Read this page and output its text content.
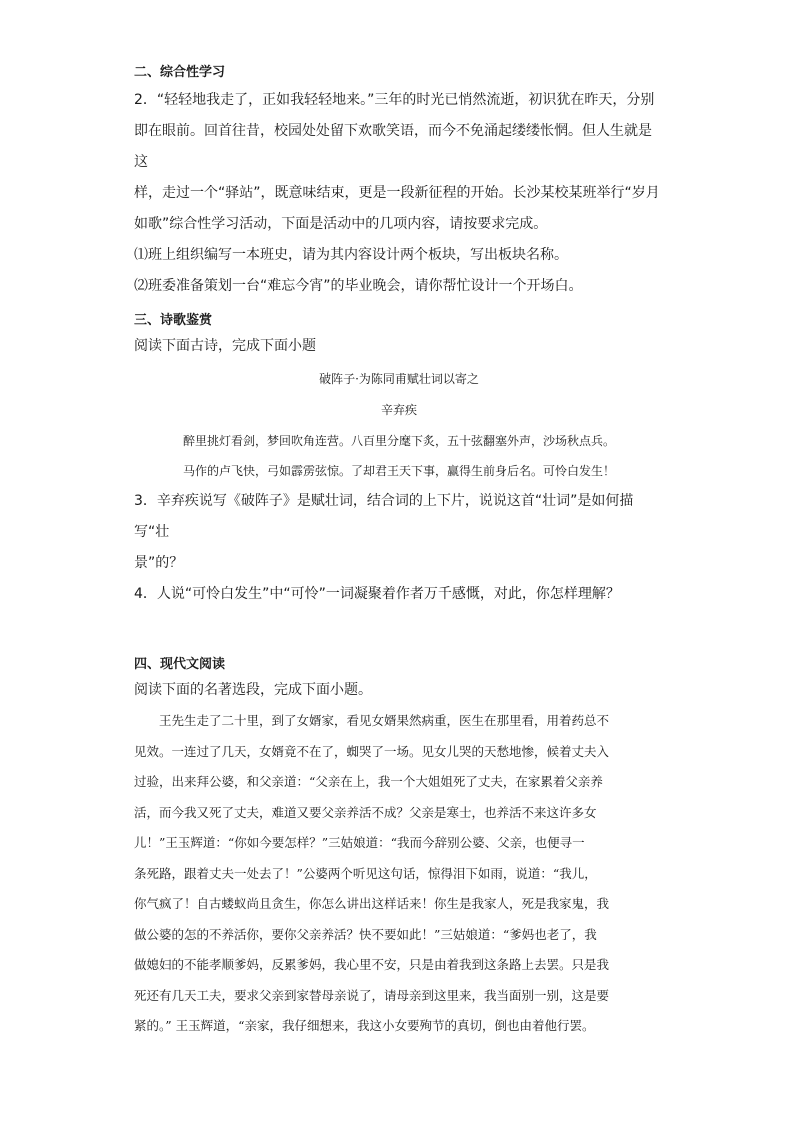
二、综合性学习

2．“轻轻地我走了，正如我轻轻地来。”三年的时光已悄然流逝，初识犹在昨天，分别

即在眼前。回首往昔，校园处处留下欢歌笑语，而今不免涌起缕缕怅惘。但人生就是这

样，走过一个“驿站”，既意味结束，更是一段新征程的开始。长沙某校某班举行“岁月

如歌”综合性学习活动，下面是活动中的几项内容，请按要求完成。

⑴班上组织编写一本班史，请为其内容设计两个板块，写出板块名称。

⑵班委准备策划一台“难忘今宵”的毕业晚会，请你帮忙设计一个开场白。

三、诗歌鉴赏

阅读下面古诗，完成下面小题

破阵子·为陈同甫赋壮词以寄之
辛弃疾

醉里挑灯看剑，梦回吹角连营。八百里分麾下炙，五十弦翻塞外声，沙场秋点兵。

马作的卢飞快，弓如霹雳弦惊。了却君王天下事，赢得生前身后名。可怜白发生！

3．辛弃疾说写《破阵子》是赋壮词，结合词的上下片，说说这首“壮词”是如何描写“壮

景”的？

4．人说“可怜白发生”中“可怜”一词凝聚着作者万千感慨，对此，你怎样理解？

四、现代文阅读

阅读下面的名著选段，完成下面小题。

王先生走了二十里，到了女婿家，看见女婿果然病重，医生在那里看，用着药总不

见效。一连过了几天，女婿竟不在了，蜘哭了一场。见女儿哭的天愁地惨，候着丈夫入

过验，出来拜公婆，和父亲道：“父亲在上，我一个大姐姐死了丈夫，在家累着父亲养

活，而今我又死了丈夫，难道又要父亲养活不成？父亲是寒士，也养活不来这许多女

儿！”王玉辉道：“你如今要怎样？”三姑娘道：“我而今辞别公婆、父亲，也便寻一

条死路，跟着丈夫一处去了！”公婆两个听见这句话，惊得泪下如雨，说道：“我儿，

你气疯了！自古蝼蚁尚且贪生，你怎么讲出这样话来！你生是我家人，死是我家鬼，我

做公婆的怎的不养活你，要你父亲养活？快不要如此！”三姑娘道：“爹妈也老了，我

做媳妇的不能孝顺爹妈，反累爹妈，我心里不安，只是由着我到这条路上去罢。只是我

死还有几天工夫，要求父亲到家替母亲说了，请母亲到这里来，我当面别一别，这是要

紧的。” 王玉辉道，“亲家，我仔细想来，我这小女要殉节的真切，倒也由着他行罢。
